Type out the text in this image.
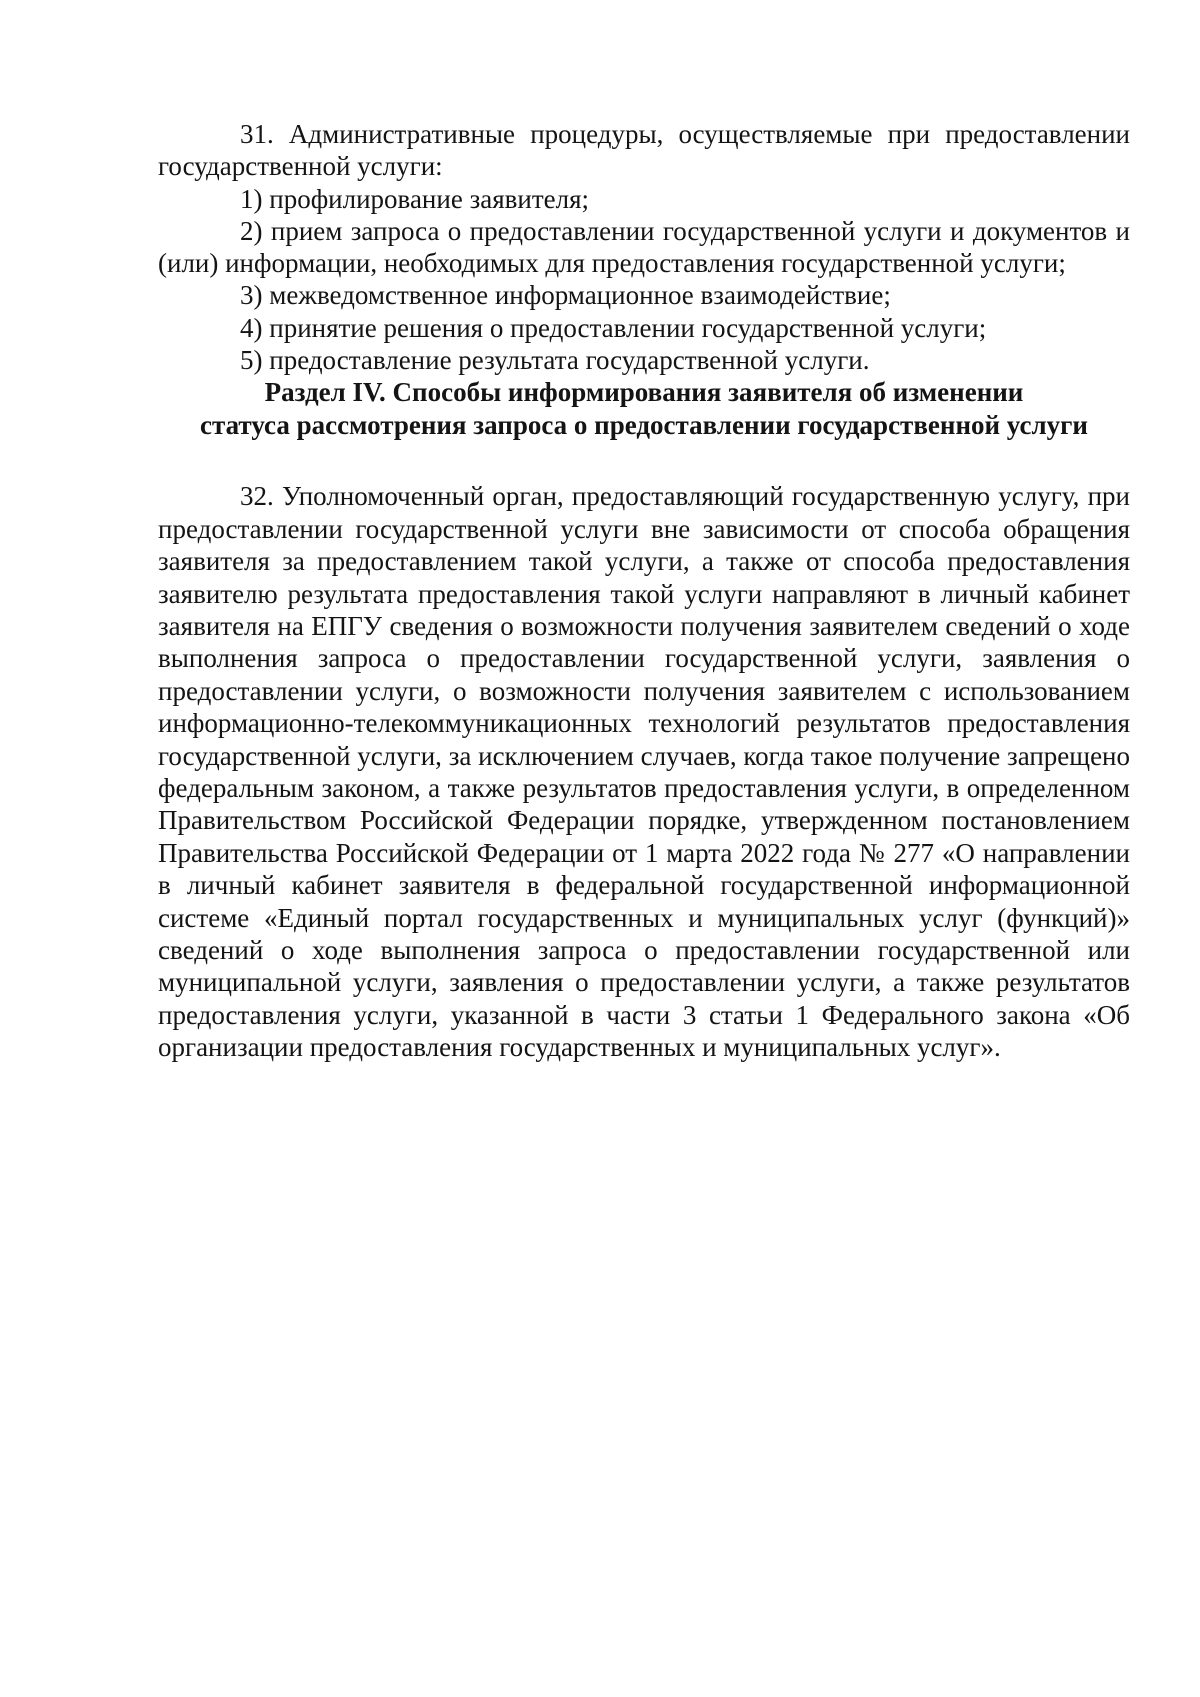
31. Административные процедуры, осуществляемые при предоставлении государственной услуги:

1) профилирование заявителя;

2) прием запроса о предоставлении государственной услуги и документов и (или) информации, необходимых для предоставления государственной услуги;

3) межведомственное информационное взаимодействие;

4) принятие решения о предоставлении государственной услуги;

5) предоставление результата государственной услуги.

Раздел IV. Способы информирования заявителя об изменении
статуса рассмотрения запроса о предоставлении государственной услуги

32. Уполномоченный орган, предоставляющий государственную услугу, при предоставлении государственной услуги вне зависимости от способа обращения заявителя за предоставлением такой услуги, а также от способа предоставления заявителю результата предоставления такой услуги направляют в личный кабинет заявителя на ЕПГУ сведения о возможности получения заявителем сведений о ходе выполнения запроса о предоставлении государственной услуги, заявления о предоставлении услуги, о возможности получения заявителем с использованием информационно-телекоммуникационных технологий результатов предоставления государственной услуги, за исключением случаев, когда такое получение запрещено федеральным законом, а также результатов предоставления услуги, в определенном Правительством Российской Федерации порядке, утвержденном постановлением Правительства Российской Федерации от 1 марта 2022 года № 277 «О направлении в личный кабинет заявителя в федеральной государственной информационной системе «Единый портал государственных и муниципальных услуг (функций)» сведений о ходе выполнения запроса о предоставлении государственной или муниципальной услуги, заявления о предоставлении услуги, а также результатов предоставления услуги, указанной в части 3 статьи 1 Федерального закона «Об организации предоставления государственных и муниципальных услуг».
